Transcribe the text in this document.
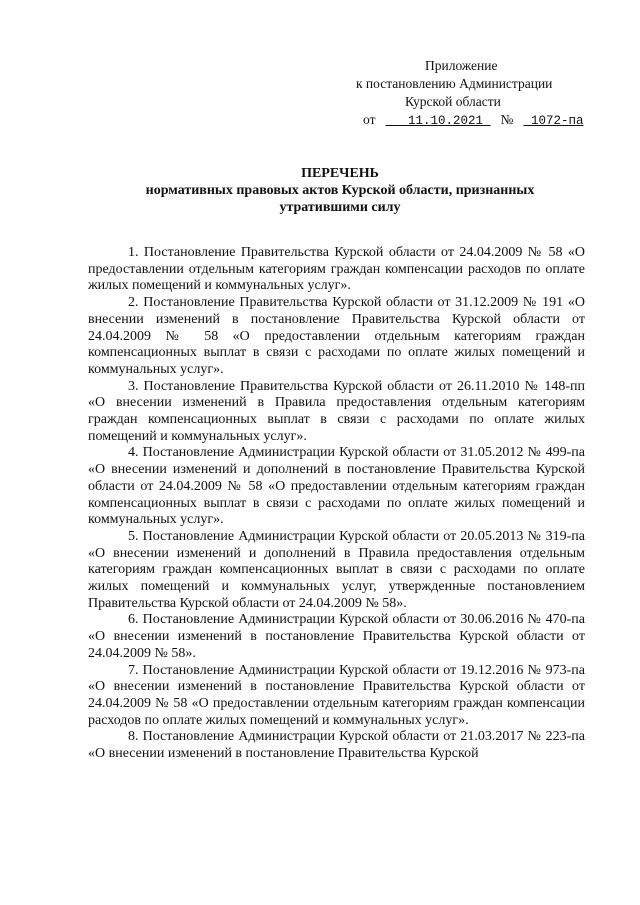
Приложение
к постановлению Администрации
Курской области
от	11.10.2021 № 1072-па
ПЕРЕЧЕНЬ
нормативных правовых актов Курской области, признанных
утратившими силу

1. Постановление Правительства Курской области от 24.04.2009 № 58 «О предоставлении отдельным категориям граждан компенсации расходов по оплате жилых помещений и коммунальных услуг».

2. Постановление Правительства Курской области от 31.12.2009 № 191 «О внесении изменений в постановление Правительства Курской области от 24.04.2009 № 58 «О предоставлении отдельным категориям граждан компенсационных выплат в связи с расходами по оплате жилых помещений и коммунальных услуг».

3. Постановление Правительства Курской области от 26.11.2010 № 148-пп «О внесении изменений в Правила предоставления отдельным категориям граждан компенсационных выплат в связи с расходами по оплате жилых помещений и коммунальных услуг».

4. Постановление Администрации Курской области от 31.05.2012 № 499-па «О внесении изменений и дополнений в постановление Правительства Курской области от 24.04.2009 № 58 «О предоставлении отдельным категориям граждан компенсационных выплат в связи с расходами по оплате жилых помещений и коммунальных услуг».

5. Постановление Администрации Курской области от 20.05.2013 № 319-па «О внесении изменений и дополнений в Правила предоставления отдельным категориям граждан компенсационных выплат в связи с расходами по оплате жилых помещений и коммунальных услуг, утвержденные постановлением Правительства Курской области от 24.04.2009 № 58».

6. Постановление Администрации Курской области от 30.06.2016 № 470-па «О внесении изменений в постановление Правительства Курской области от 24.04.2009 № 58».

7. Постановление Администрации Курской области от 19.12.2016 № 973-па «О внесении изменений в постановление Правительства Курской области от 24.04.2009 № 58 «О предоставлении отдельным категориям граждан компенсации расходов по оплате жилых помещений и коммунальных услуг».

8. Постановление Администрации Курской области от 21.03.2017 № 223-па «О внесении изменений в постановление Правительства Курской
